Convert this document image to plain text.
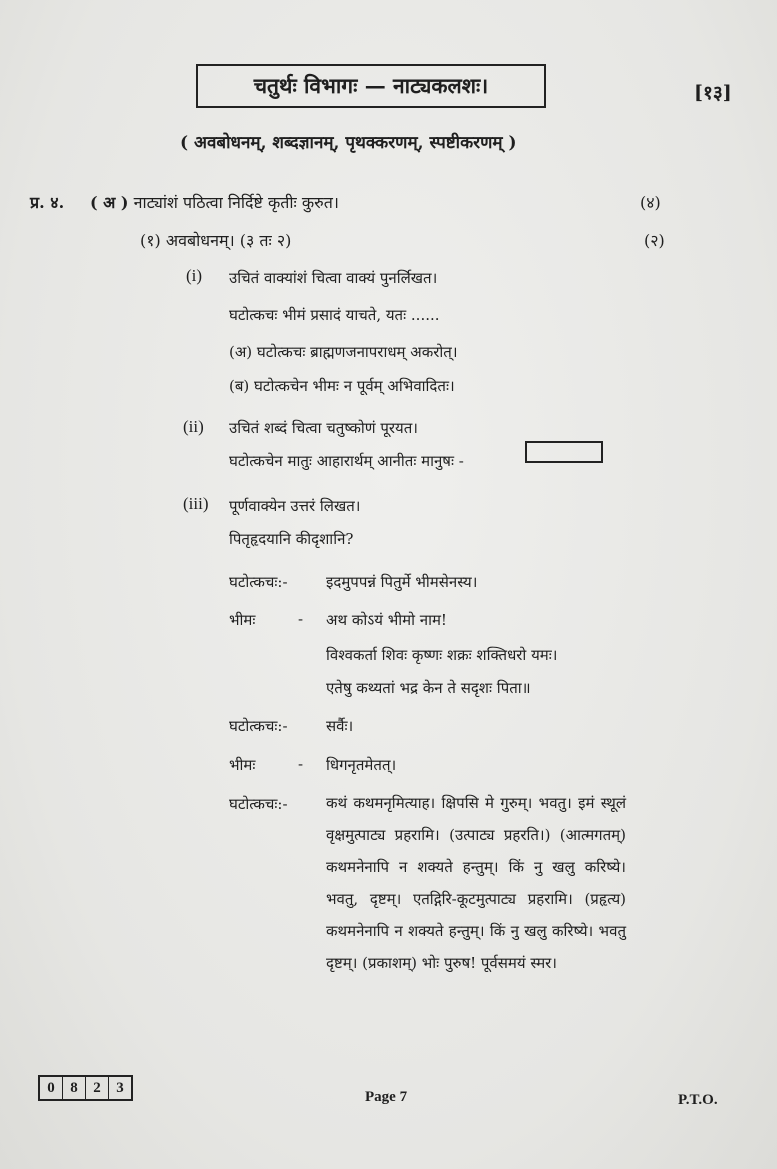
चतुर्थः विभागः — नाट्यकलशः।	[१३]
( अवबोधनम्, शब्दज्ञानम्, पृथक्करणम्, स्पष्टीकरणम् )
प्र. ४. ( अ ) नाट्यांशं पठित्वा निर्दिष्टे कृतीः कुरुत।	(४)
(१) अवबोधनम्। (३ तः २)	(२)
(i) उचितं वाक्यांशं चित्वा वाक्यं पुनर्लिखत।
घटोत्कचः भीमं प्रसादं याचते, यतः ......
(अ) घटोत्कचः ब्राह्मणजनापराधम् अकरोत्।
(ब) घटोत्कचेन भीमः न पूर्वम् अभिवादितः।
(ii) उचितं शब्दं चित्वा चतुष्कोणं पूरयत।
घटोत्कचेन मातुः आहारार्थम् आनीतः मानुषः -
(iii) पूर्णवाक्येन उत्तरं लिखत।
पितृहृदयानि कीदृशानि?
घटोत्कचः:-	इदमुपपन्नं पितुर्मे भीमसेनस्य।
भीमः	- अथ कोऽयं भीमो नाम!
विश्वकर्ता शिवः कृष्णः शक्रः शक्तिधरो यमः।
एतेषु कथ्यतां भद्र केन ते सदृशः पिता॥
घटोत्कचः:-	सर्वैः।
भीमः	- धिगनृतमेतत्।
घटोत्कचः:-	कथं कथमनृमित्याह। क्षिपसि मे गुरुम्। भवतु। इमं स्थूलं वृक्षमुत्पाट्य प्रहरामि। (उत्पाट्य प्रहरति।) (आत्मगतम्) कथमनेनापि न शक्यते हन्तुम्। किं नु खलु करिष्ये। भवतु, दृष्टम्। एतद्गिरि-कूटमुत्पाट्य प्रहरामि। (प्रहृत्य) कथमनेनापि न शक्यते हन्तुम्। किं नु खलु करिष्ये। भवतु दृष्टम्। (प्रकाशम्) भोः पुरुष! पूर्वसमयं स्मर।
0	8	2	3
Page 7	P.T.O.
